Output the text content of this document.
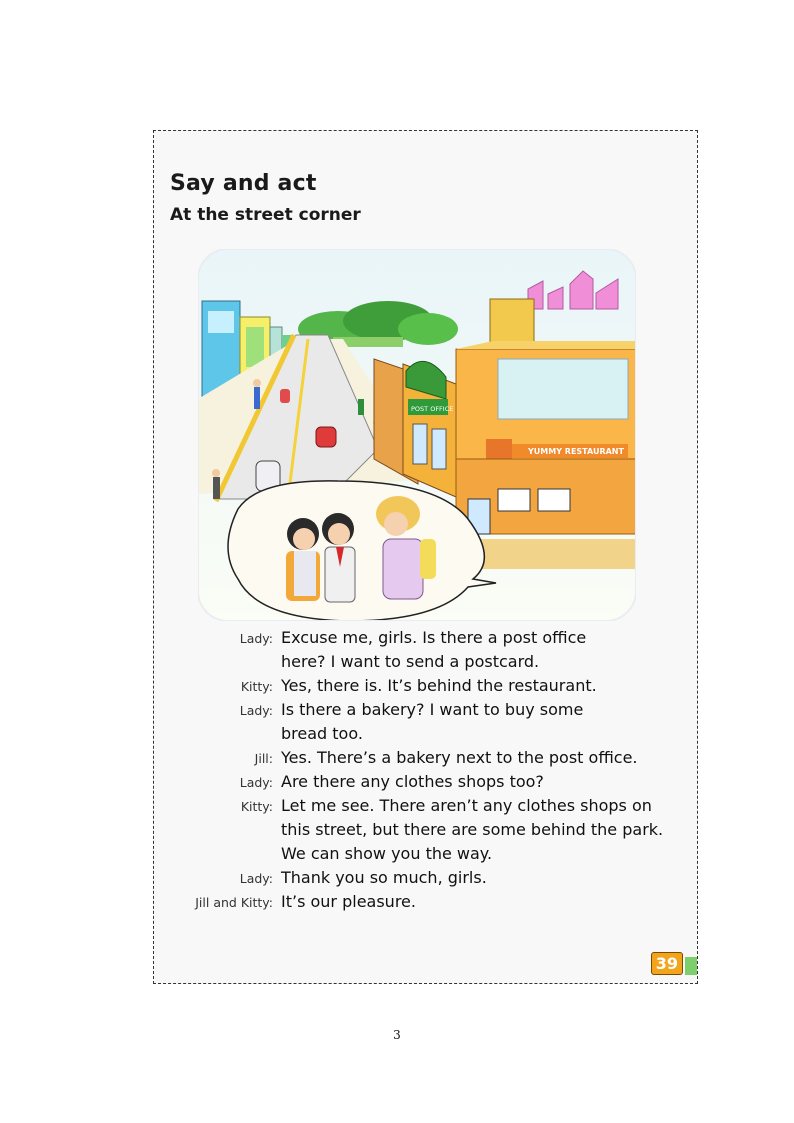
Say and act
At the street corner
POST OFFICE
YUMMY RESTAURANT
Lady: Excuse me, girls. Is there a post office
here? I want to send a postcard.
Kitty: Yes, there is. It’s behind the restaurant.
Lady: Is there a bakery? I want to buy some
bread too.
Jill: Yes. There’s a bakery next to the post office.
Lady: Are there any clothes shops too?
Kitty: Let me see. There aren’t any clothes shops on
this street, but there are some behind the park.
We can show you the way.
Lady: Thank you so much, girls.
Jill and Kitty: It’s our pleasure.
39
3
